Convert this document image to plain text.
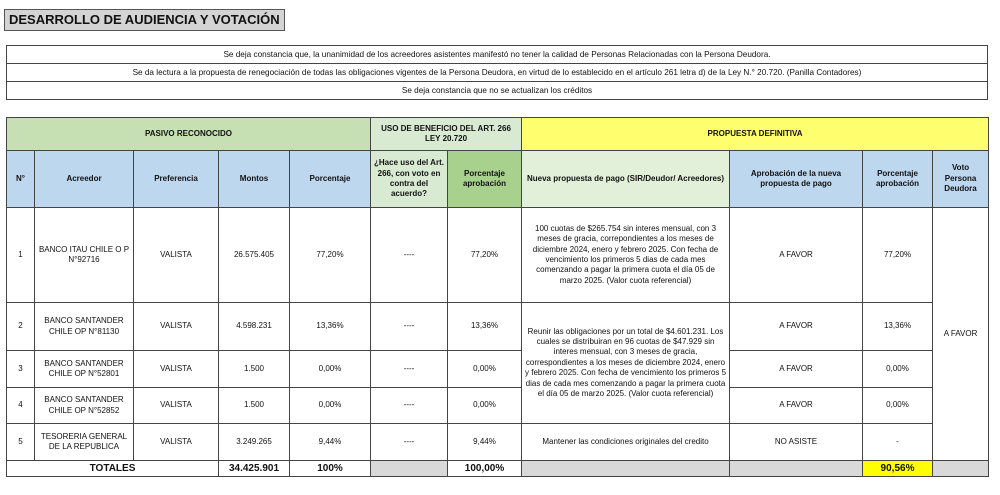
DESARROLLO DE AUDIENCIA Y VOTACIÓN
Se deja constancia que, la unanimidad de los acreedores asistentes manifestó no tener la calidad de Personas Relacionadas con la Persona Deudora.
Se da lectura a la propuesta de renegociación de todas las obligaciones vigentes de la Persona Deudora, en virtud de lo establecido en el artículo 261 letra d) de la Ley N.° 20.720. (Panilla Contadores)
Se deja constancia que no se actualizan los créditos
PASIVO RECONOCIDO					USO DE BENEFICIO DEL ART. 266 LEY 20.720		PROPUESTA DEFINITIVA			
N°	Acreedor	Preferencia	Montos	Porcentaje	¿Hace uso del Art. 266, con voto en contra del acuerdo?	Porcentaje aprobación	Nueva propuesta de pago (SIR/Deudor/ Acreedores)	Aprobación de la nueva propuesta de pago	Porcentaje aprobación	Voto Persona Deudora
1	BANCO ITAU CHILE O P N°92716	VALISTA	26.575.405	77,20%	----	77,20%	100 cuotas de $265.754 sin interes mensual, con 3 meses de gracia, correpondientes a los meses de diciembre 2024, enero y febrero 2025. Con fecha de vencimiento los primeros 5 dias de cada mes comenzando a pagar la primera cuota el día 05 de marzo 2025. (Valor cuota referencial)	A FAVOR	77,20%	A FAVOR
2	BANCO SANTANDER CHILE OP N°81130	VALISTA	4.598.231	13,36%	----	13,36%	Reunir las obligaciones por un total de $4.601.231. Los cuales se distribuiran en 96 cuotas de $47.929 sin interes mensual, con 3 meses de gracia, correspondientes a los meses de diciembre 2024, enero y febrero 2025. Con fecha de vencimiento los primeros 5 dias de cada mes comenzando a pagar la primera cuota el día 05 de marzo 2025. (Valor cuota referencial)	A FAVOR	13,36%	
3	BANCO SANTANDER CHILE OP N°52801	VALISTA	1.500	0,00%	----	0,00%		A FAVOR	0,00%	
4	BANCO SANTANDER CHILE OP N°52852	VALISTA	1.500	0,00%	----	0,00%		A FAVOR	0,00%	
5	TESORERIA GENERAL DE LA REPUBLICA	VALISTA	3.249.265	9,44%	----	9,44%	Mantener las condiciones originales del credito	NO ASISTE	-	
TOTALES			34.425.901	100%		100,00%			90,56%	
